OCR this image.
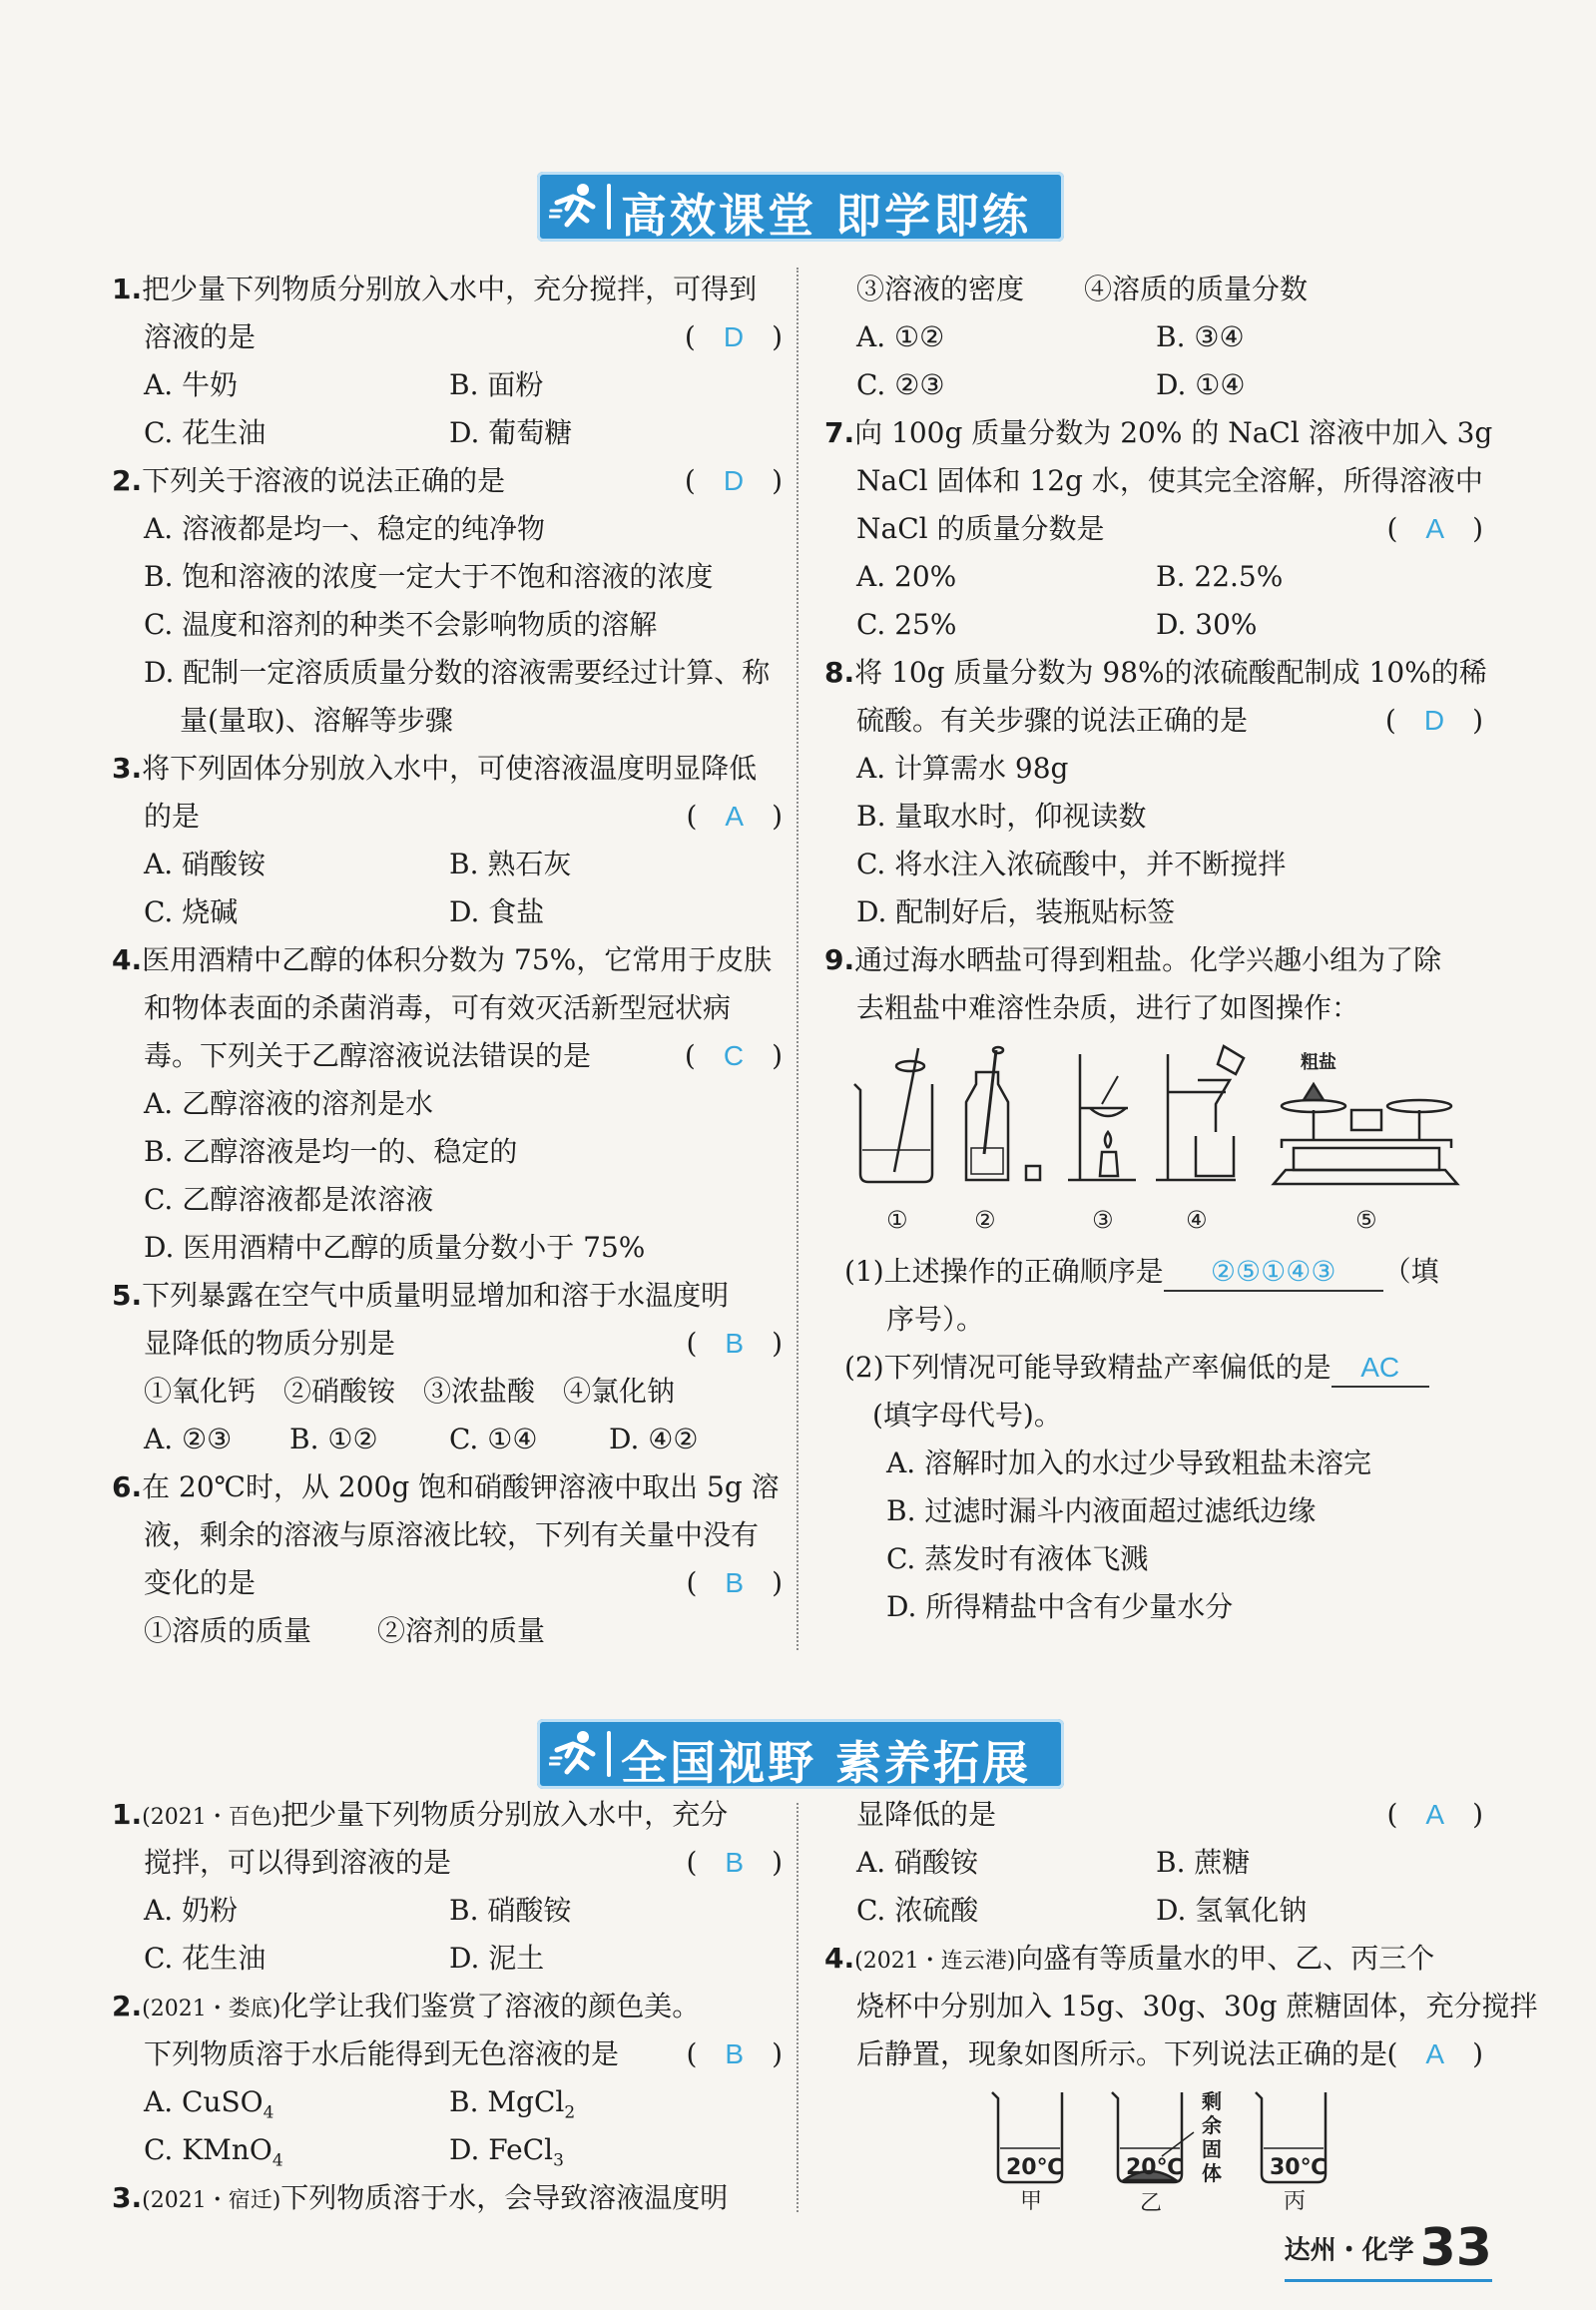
高效课堂 即学即练
1.把少量下列物质分别放入水中，充分搅拌，可得到
溶液的是	(　D　)
A. 牛奶	B. 面粉
C. 花生油	D. 葡萄糖
2.下列关于溶液的说法正确的是	(　D　)
A. 溶液都是均一、稳定的纯净物
B. 饱和溶液的浓度一定大于不饱和溶液的浓度
C. 温度和溶剂的种类不会影响物质的溶解
D. 配制一定溶质质量分数的溶液需要经过计算、称
量(量取)、溶解等步骤
3.将下列固体分别放入水中，可使溶液温度明显降低
的是	(　A　)
A. 硝酸铵	B. 熟石灰
C. 烧碱	D. 食盐
4.医用酒精中乙醇的体积分数为 75%，它常用于皮肤
和物体表面的杀菌消毒，可有效灭活新型冠状病
毒。下列关于乙醇溶液说法错误的是	(　C　)
A. 乙醇溶液的溶剂是水
B. 乙醇溶液是均一的、稳定的
C. 乙醇溶液都是浓溶液
D. 医用酒精中乙醇的质量分数小于 75%
5.下列暴露在空气中质量明显增加和溶于水温度明
显降低的物质分别是	(　B　)
①氧化钙　②硝酸铵　③浓盐酸　④氯化钠
A. ②③ B. ①②	C. ①④	D. ④②
6.在 20℃时，从 200g 饱和硝酸钾溶液中取出 5g 溶
液，剩余的溶液与原溶液比较，下列有关量中没有
变化的是	(　B　)
①溶质的质量 ②溶剂的质量
③溶液的密度 ④溶质的质量分数
A. ①②	B. ③④
C. ②③	D. ①④
7.向 100g 质量分数为 20% 的 NaCl 溶液中加入 3g
NaCl 固体和 12g 水，使其完全溶解，所得溶液中
NaCl 的质量分数是	(　A　)
A. 20%	B. 22.5%
C. 25%	D. 30%
8.将 10g 质量分数为 98%的浓硫酸配制成 10%的稀
硫酸。有关步骤的说法正确的是	(　D　)
A. 计算需水 98g
B. 量取水时，仰视读数
C. 将水注入浓硫酸中，并不断搅拌
D. 配制好后，装瓶贴标签
9.通过海水晒盐可得到粗盐。化学兴趣小组为了除
去粗盐中难溶性杂质，进行了如图操作：
粗盐
①	②	③	④	⑤
(1)上述操作的正确顺序是 ②⑤①④③ （填
序号）。
(2)下列情况可能导致精盐产率偏低的是 AC
(填字母代号)。
A. 溶解时加入的水过少导致粗盐未溶完
B. 过滤时漏斗内液面超过滤纸边缘
C. 蒸发时有液体飞溅
D. 所得精盐中含有少量水分
全国视野 素养拓展
1.(2021・百色)把少量下列物质分别放入水中，充分
搅拌，可以得到溶液的是	(　B　)
A. 奶粉	B. 硝酸铵
C. 花生油	D. 泥土
2.(2021・娄底)化学让我们鉴赏了溶液的颜色美。
下列物质溶于水后能得到无色溶液的是 (　B　)
A. CuSO$_4$	B. MgCl$_2$
C. KMnO$_4$	D. FeCl$_3$
3.(2021・宿迁)下列物质溶于水，会导致溶液温度明
显降低的是	(　A　)
A. 硝酸铵	B. 蔗糖
C. 浓硫酸	D. 氢氧化钠
4.(2021・连云港)向盛有等质量水的甲、乙、丙三个
烧杯中分别加入 15g、30g、30g 蔗糖固体，充分搅拌
后静置，现象如图所示。下列说法正确的是 (　A　)
20℃	20℃	30℃
甲	乙	丙
剩
余
固
体
达州・化学 33
